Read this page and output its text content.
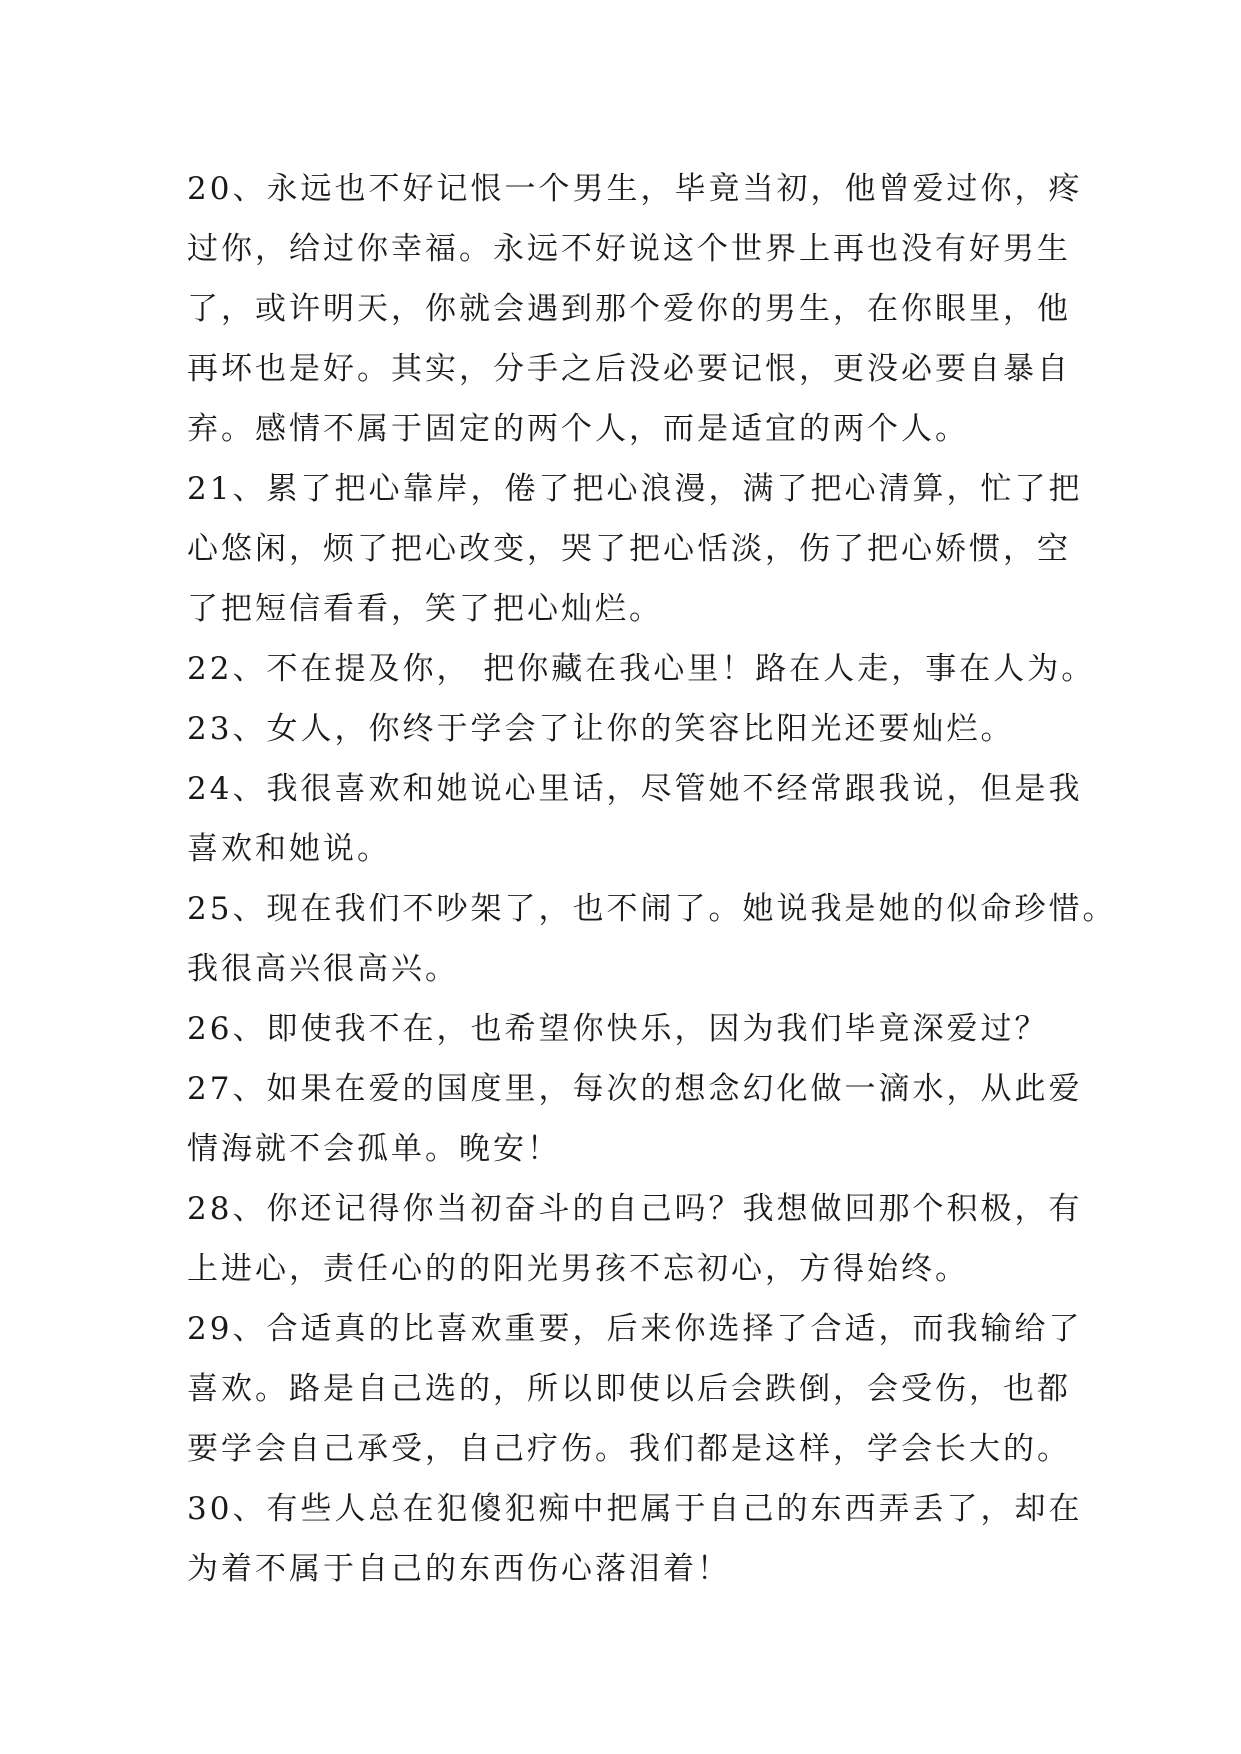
20、永远也不好记恨一个男生，毕竟当初，他曾爱过你，疼
过你，给过你幸福。永远不好说这个世界上再也没有好男生
了，或许明天，你就会遇到那个爱你的男生，在你眼里，他
再坏也是好。其实，分手之后没必要记恨，更没必要自暴自
弃。感情不属于固定的两个人，而是适宜的两个人。
21、累了把心靠岸，倦了把心浪漫，满了把心清算，忙了把
心悠闲，烦了把心改变，哭了把心恬淡，伤了把心娇惯，空
了把短信看看，笑了把心灿烂。
22、不在提及你， 把你藏在我心里！路在人走，事在人为。
23、女人，你终于学会了让你的笑容比阳光还要灿烂。
24、我很喜欢和她说心里话，尽管她不经常跟我说，但是我
喜欢和她说。
25、现在我们不吵架了，也不闹了。她说我是她的似命珍惜。
我很高兴很高兴。
26、即使我不在，也希望你快乐，因为我们毕竟深爱过？
27、如果在爱的国度里，每次的想念幻化做一滴水，从此爱
情海就不会孤单。晚安！
28、你还记得你当初奋斗的自己吗？我想做回那个积极，有
上进心，责任心的的阳光男孩不忘初心，方得始终。
29、合适真的比喜欢重要，后来你选择了合适，而我输给了
喜欢。路是自己选的，所以即使以后会跌倒，会受伤，也都
要学会自己承受，自己疗伤。我们都是这样，学会长大的。
30、有些人总在犯傻犯痴中把属于自己的东西弄丢了，却在
为着不属于自己的东西伤心落泪着！
